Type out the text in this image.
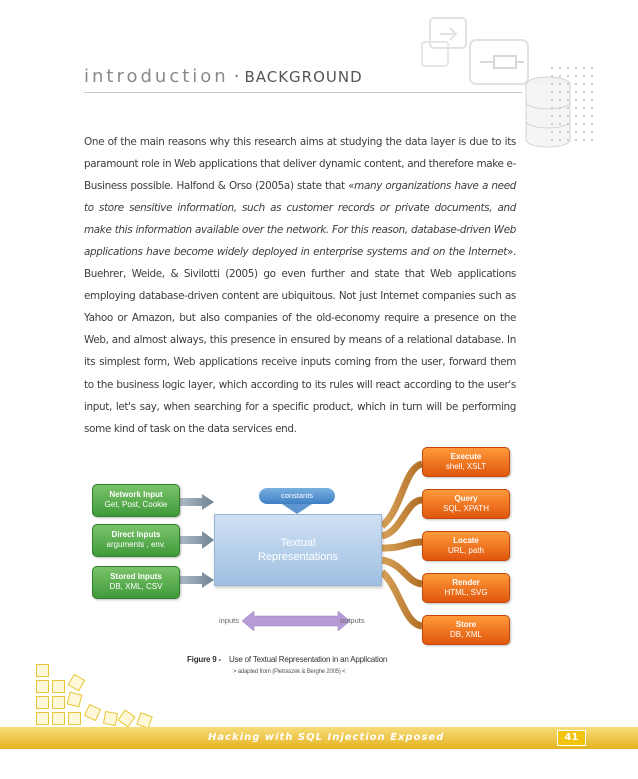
introduction · BACKGROUND
One of the main reasons why this research aims at studying the data layer is due to its paramount role in Web applications that deliver dynamic content, and therefore make e-Business possible. Halfond & Orso (2005a) state that «many organizations have a need to store sensitive information, such as customer records or private documents, and make this information available over the network. For this reason, database-driven Web applications have become widely deployed in enterprise systems and on the Internet». Buehrer, Weide, & Sivilotti (2005) go even further and state that Web applications employing database-driven content are ubiquitous. Not just Internet companies such as Yahoo or Amazon, but also companies of the old-economy require a presence on the Web, and almost always, this presence in ensured by means of a relational database. In its simplest form, Web applications receive inputs coming from the user, forward them to the business logic layer, which according to its rules will react according to the user's input, let's say, when searching for a specific product, which in turn will be performing some kind of task on the data services end.
Network Input
Get, Post, Cookie
Direct Inputs
arguments , env.
Stored Inputs
DB, XML, CSV
constants
Textual Representations
Execute
shell, XSLT
Query
SQL, XPATH
Locate
URL, path
Render
HTML, SVG
Store
DB, XML
inputs	outputs
Figure 9 - Use of Textual Representation in an Application
> adapted from (Pietraszek & Berghe 2005) <
Hacking with SQL Injection Exposed	41
